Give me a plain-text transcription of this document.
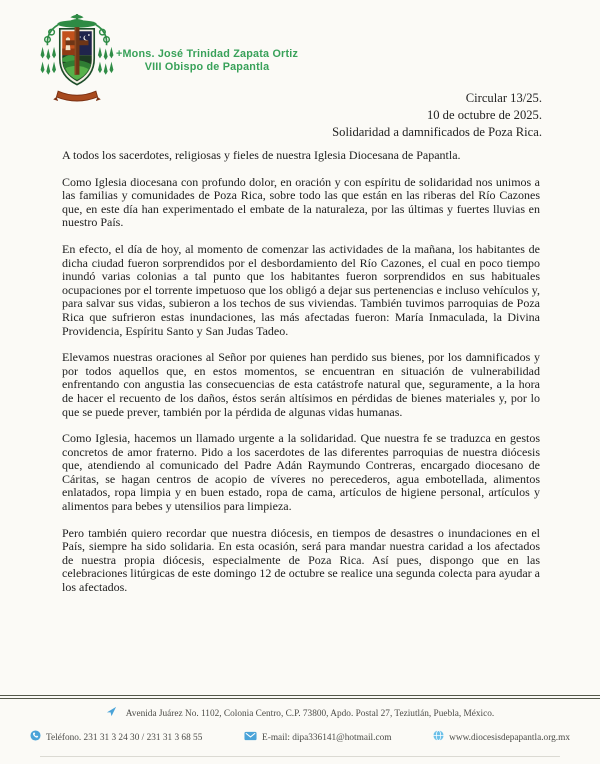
+Mons. José Trinidad Zapata Ortiz
VIII Obispo de Papantla
Circular 13/25.
10 de octubre de 2025.
Solidaridad a damnificados de Poza Rica.

A todos los sacerdotes, religiosas y fieles de nuestra Iglesia Diocesana de Papantla.

Como Iglesia diocesana con profundo dolor, en oración y con espíritu de solidaridad nos unimos a las familias y comunidades de Poza Rica, sobre todo las que están en las riberas del Río Cazones que, en este día han experimentado el embate de la naturaleza, por las últimas y fuertes lluvias en nuestro País.

En efecto, el día de hoy, al momento de comenzar las actividades de la mañana, los habitantes de dicha ciudad fueron sorprendidos por el desbordamiento del Río Cazones, el cual en poco tiempo inundó varias colonias a tal punto que los habitantes fueron sorprendidos en sus habituales ocupaciones por el torrente impetuoso que los obligó a dejar sus pertenencias e incluso vehículos y, para salvar sus vidas, subieron a los techos de sus viviendas. También tuvimos parroquias de Poza Rica que sufrieron estas inundaciones, las más afectadas fueron: María Inmaculada, la Divina Providencia, Espíritu Santo y San Judas Tadeo.

Elevamos nuestras oraciones al Señor por quienes han perdido sus bienes, por los damnificados y por todos aquellos que, en estos momentos, se encuentran en situación de vulnerabilidad enfrentando con angustia las consecuencias de esta catástrofe natural que, seguramente, a la hora de hacer el recuento de los daños, éstos serán altísimos en pérdidas de bienes materiales y, por lo que se puede prever, también por la pérdida de algunas vidas humanas.

Como Iglesia, hacemos un llamado urgente a la solidaridad. Que nuestra fe se traduzca en gestos concretos de amor fraterno. Pido a los sacerdotes de las diferentes parroquias de nuestra diócesis que, atendiendo al comunicado del Padre Adán Raymundo Contreras, encargado diocesano de Cáritas, se hagan centros de acopio de víveres no perecederos, agua embotellada, alimentos enlatados, ropa limpia y en buen estado, ropa de cama, artículos de higiene personal, artículos y alimentos para bebes y utensilios para limpieza.

Pero también quiero recordar que nuestra diócesis, en tiempos de desastres o inundaciones en el País, siempre ha sido solidaria. En esta ocasión, será para mandar nuestra caridad a los afectados de nuestra propia diócesis, especialmente de Poza Rica. Así pues, dispongo que en las celebraciones litúrgicas de este domingo 12 de octubre se realice una segunda colecta para ayudar a los afectados.

Avenida Juárez No. 1102, Colonia Centro, C.P. 73800, Apdo. Postal 27, Teziutlán, Puebla, México.
Teléfono. 231 31 3 24 30 / 231 31 3 68 55	E-mail: dipa336141@hotmail.com	www.diocesisdepapantla.org.mx
